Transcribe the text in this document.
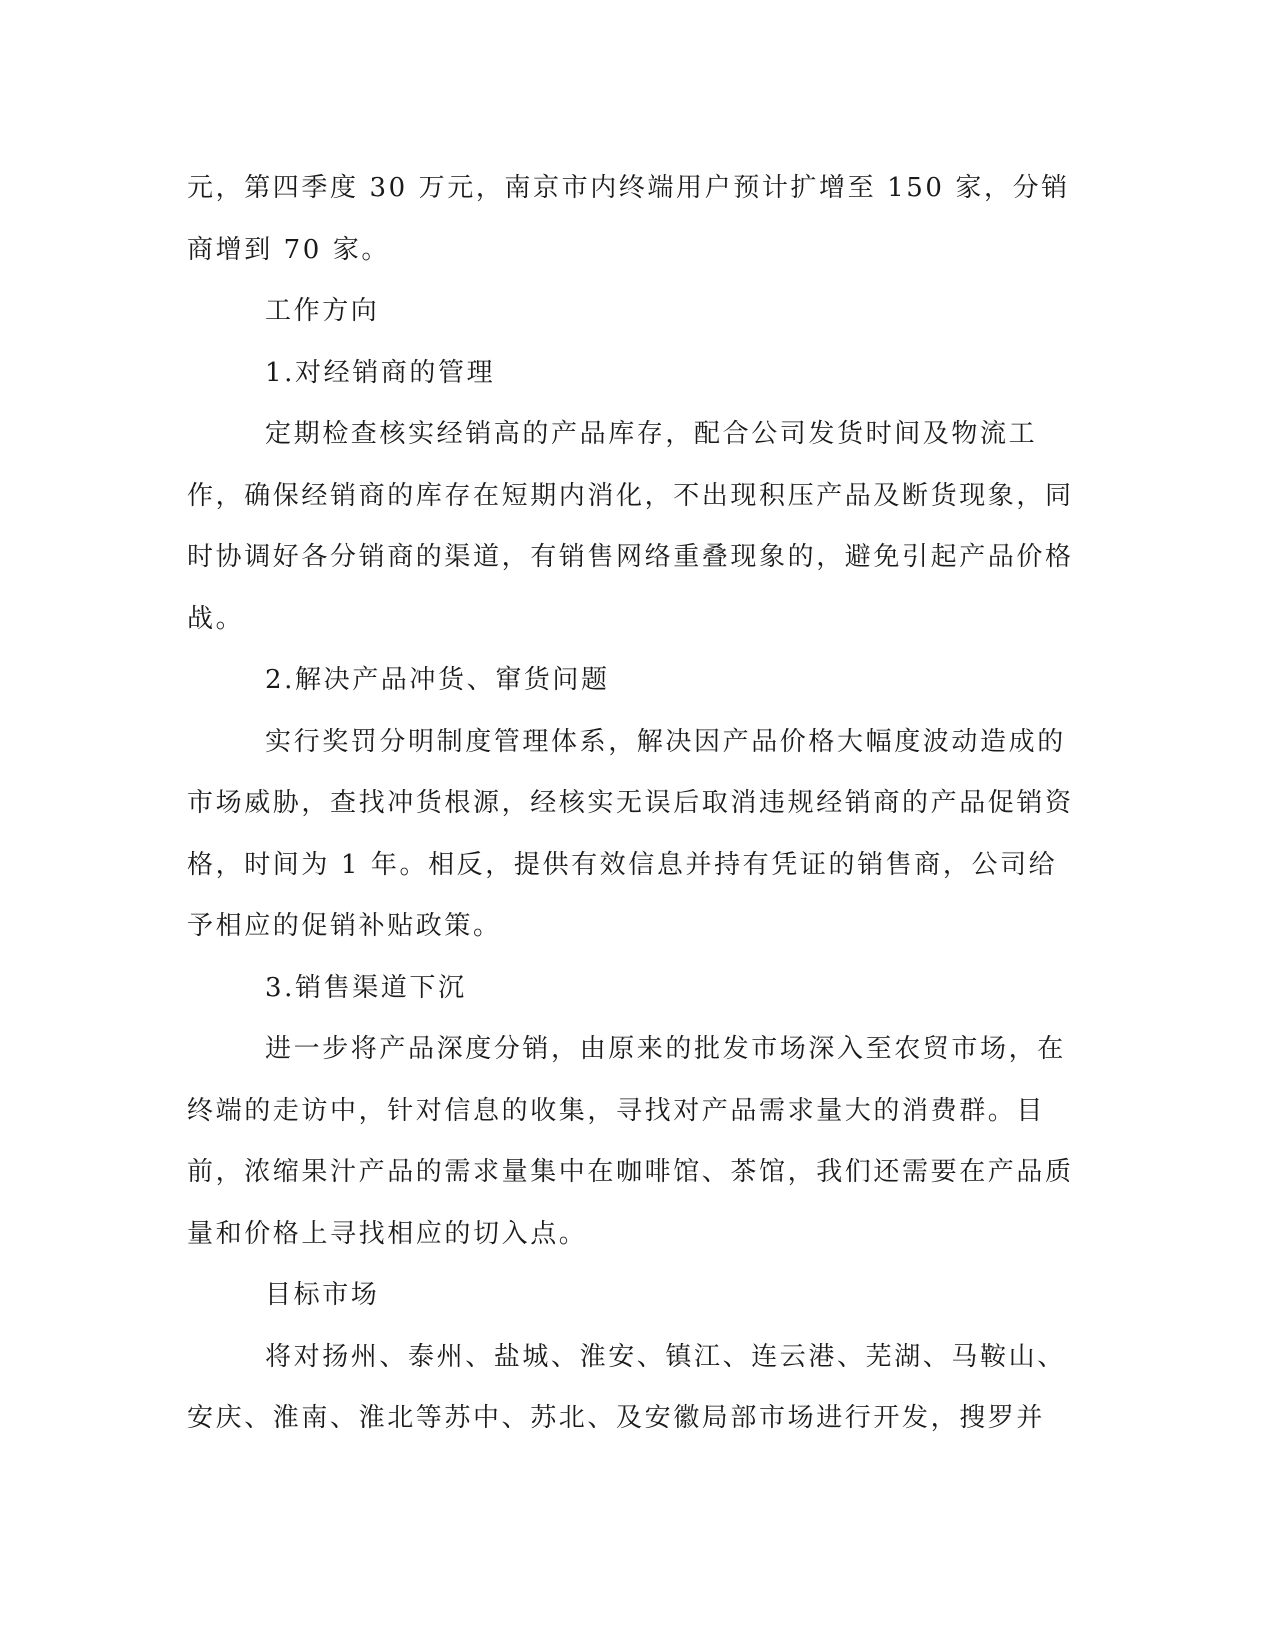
元，第四季度 30 万元，南京市内终端用户预计扩增至 150 家，分销商增到 70 家。

工作方向
1.对经销商的管理

定期检查核实经销高的产品库存，配合公司发货时间及物流工作，确保经销商的库存在短期内消化，不出现积压产品及断货现象，同时协调好各分销商的渠道，有销售网络重叠现象的，避免引起产品价格战。

2.解决产品冲货、窜货问题

实行奖罚分明制度管理体系，解决因产品价格大幅度波动造成的市场威胁，查找冲货根源，经核实无误后取消违规经销商的产品促销资格，时间为 1 年。相反，提供有效信息并持有凭证的销售商，公司给予相应的促销补贴政策。

3.销售渠道下沉

进一步将产品深度分销，由原来的批发市场深入至农贸市场，在终端的走访中，针对信息的收集，寻找对产品需求量大的消费群。目前，浓缩果汁产品的需求量集中在咖啡馆、茶馆，我们还需要在产品质量和价格上寻找相应的切入点。

目标市场

将对扬州、泰州、盐城、淮安、镇江、连云港、芜湖、马鞍山、安庆、淮南、淮北等苏中、苏北、及安徽局部市场进行开发，搜罗并
